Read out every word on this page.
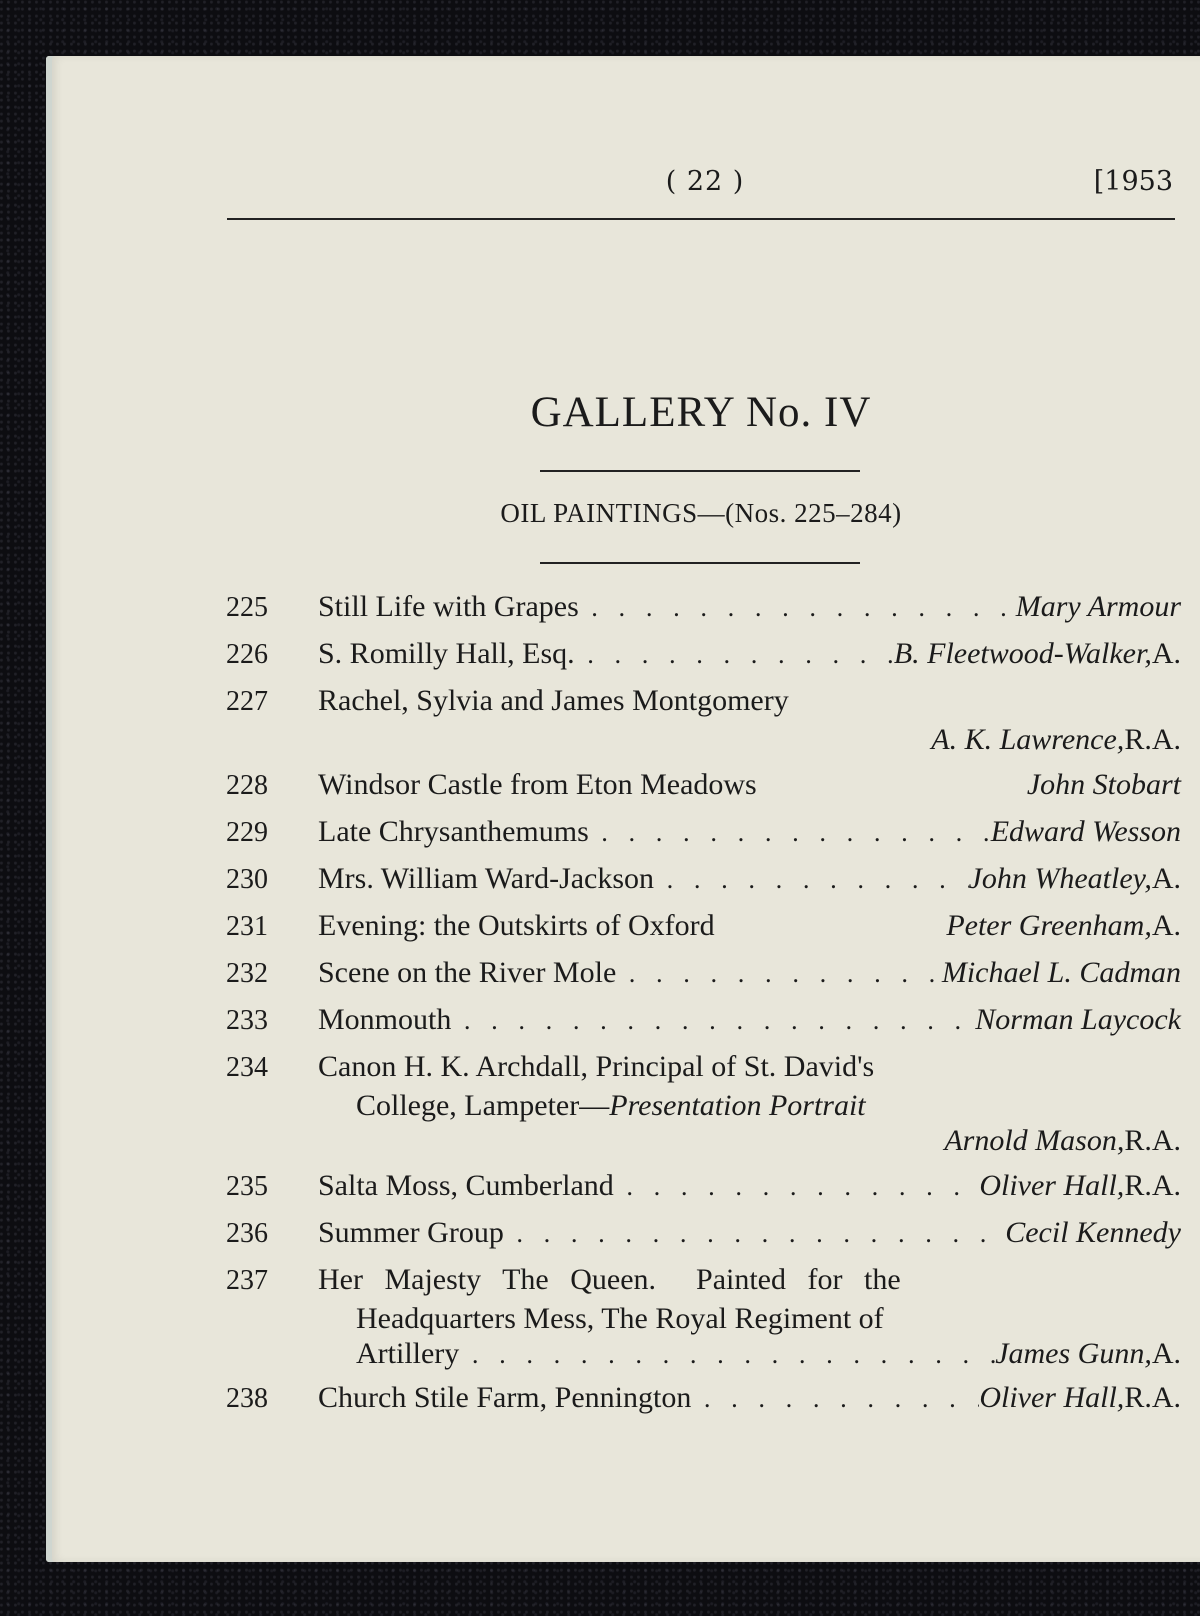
( 22 )	[1953
GALLERY No. IV
OIL PAINTINGS—(Nos. 225–284)
225	Still Life with Grapes . . .	Mary Armour
226	S. Romilly Hall, Esq. . . .	B. Fleetwood-Walker, A.
227	Rachel, Sylvia and James Montgomery
A. K. Lawrence, R.A.
228	Windsor Castle from Eton Meadows	John Stobart
229	Late Chrysanthemums . . .	Edward Wesson
230	Mrs. William Ward-Jackson . . .	John Wheatley, A.
231	Evening: the Outskirts of Oxford	Peter Greenham, A.
232	Scene on the River Mole . . .	Michael L. Cadman
233	Monmouth . . .	Norman Laycock
234	Canon H. K. Archdall, Principal of St. David's
College, Lampeter—Presentation Portrait
Arnold Mason, R.A.
235	Salta Moss, Cumberland . . .	Oliver Hall, R.A.
236	Summer Group . . .	Cecil Kennedy
237	Her Majesty The Queen. Painted for the
Headquarters Mess, The Royal Regiment of
Artillery . . .	James Gunn, A.
238	Church Stile Farm, Pennington . . .	Oliver Hall, R.A.
